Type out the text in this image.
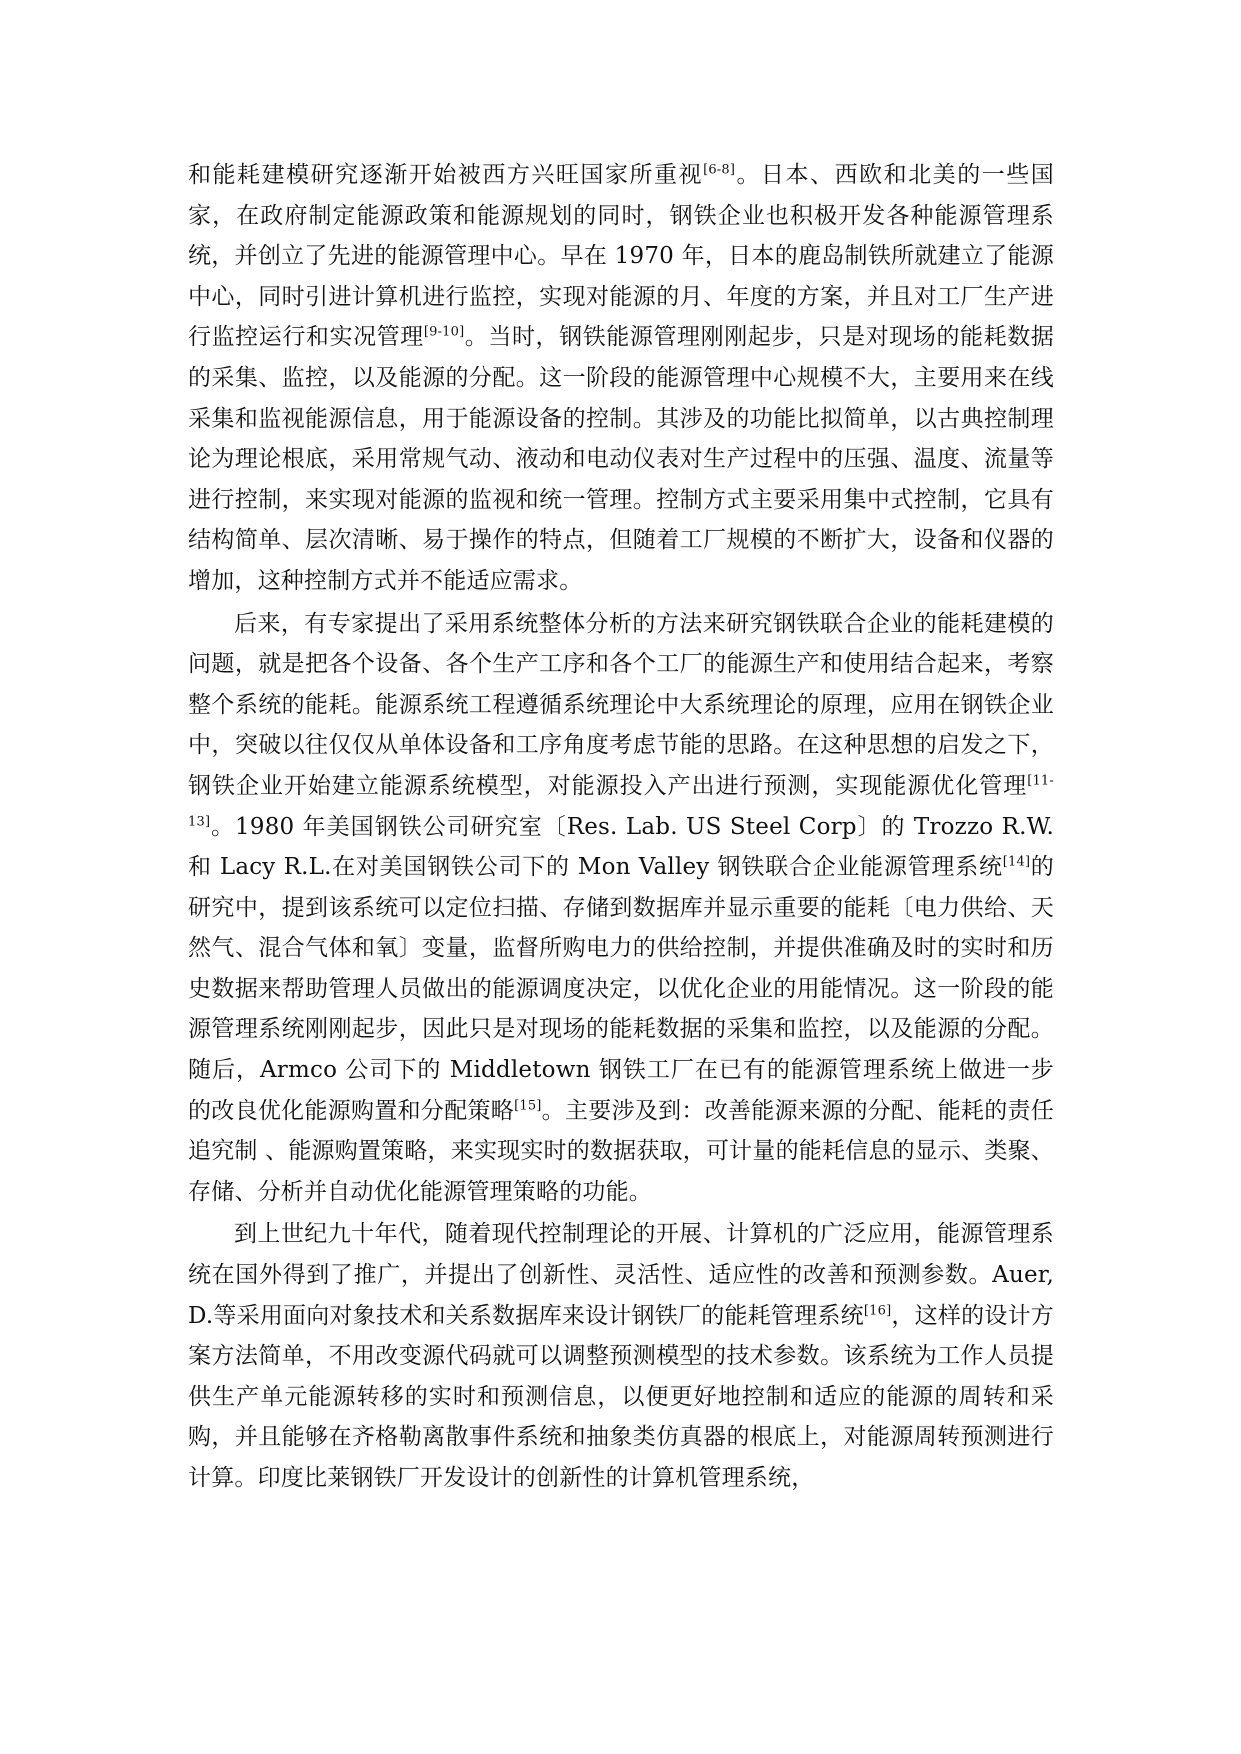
和能耗建模研究逐渐开始被西方兴旺国家所重视[6-8]。日本、西欧和北美的一些国家，在政府制定能源政策和能源规划的同时，钢铁企业也积极开发各种能源管理系统，并创立了先进的能源管理中心。早在 1970 年，日本的鹿岛制铁所就建立了能源中心，同时引进计算机进行监控，实现对能源的月、年度的方案，并且对工厂生产进行监控运行和实况管理[9-10]。当时，钢铁能源管理刚刚起步，只是对现场的能耗数据的采集、监控，以及能源的分配。这一阶段的能源管理中心规模不大，主要用来在线采集和监视能源信息，用于能源设备的控制。其涉及的功能比拟简单，以古典控制理论为理论根底，采用常规气动、液动和电动仪表对生产过程中的压强、温度、流量等进行控制，来实现对能源的监视和统一管理。控制方式主要采用集中式控制，它具有结构简单、层次清晰、易于操作的特点，但随着工厂规模的不断扩大，设备和仪器的增加，这种控制方式并不能适应需求。

后来，有专家提出了采用系统整体分析的方法来研究钢铁联合企业的能耗建模的问题，就是把各个设备、各个生产工序和各个工厂的能源生产和使用结合起来，考察整个系统的能耗。能源系统工程遵循系统理论中大系统理论的原理，应用在钢铁企业中，突破以往仅仅从单体设备和工序角度考虑节能的思路。在这种思想的启发之下，钢铁企业开始建立能源系统模型，对能源投入产出进行预测，实现能源优化管理[11-13]。1980 年美国钢铁公司研究室〔Res. Lab. US Steel Corp〕的 Trozzo R.W.和 Lacy R.L.在对美国钢铁公司下的 Mon Valley 钢铁联合企业能源管理系统[14]的研究中，提到该系统可以定位扫描、存储到数据库并显示重要的能耗〔电力供给、天然气、混合气体和氧〕变量，监督所购电力的供给控制，并提供准确及时的实时和历史数据来帮助管理人员做出的能源调度决定，以优化企业的用能情况。这一阶段的能源管理系统刚刚起步，因此只是对现场的能耗数据的采集和监控，以及能源的分配。随后，Armco 公司下的 Middletown 钢铁工厂在已有的能源管理系统上做进一步的改良优化能源购置和分配策略[15]。主要涉及到：改善能源来源的分配、能耗的责任追究制 、能源购置策略，来实现实时的数据获取，可计量的能耗信息的显示、类聚、存储、分析并自动优化能源管理策略的功能。

到上世纪九十年代，随着现代控制理论的开展、计算机的广泛应用，能源管理系统在国外得到了推广，并提出了创新性、灵活性、适应性的改善和预测参数。Auer, D.等采用面向对象技术和关系数据库来设计钢铁厂的能耗管理系统[16]，这样的设计方案方法简单，不用改变源代码就可以调整预测模型的技术参数。该系统为工作人员提供生产单元能源转移的实时和预测信息，以便更好地控制和适应的能源的周转和采购，并且能够在齐格勒离散事件系统和抽象类仿真器的根底上，对能源周转预测进行计算。印度比莱钢铁厂开发设计的创新性的计算机管理系统，
